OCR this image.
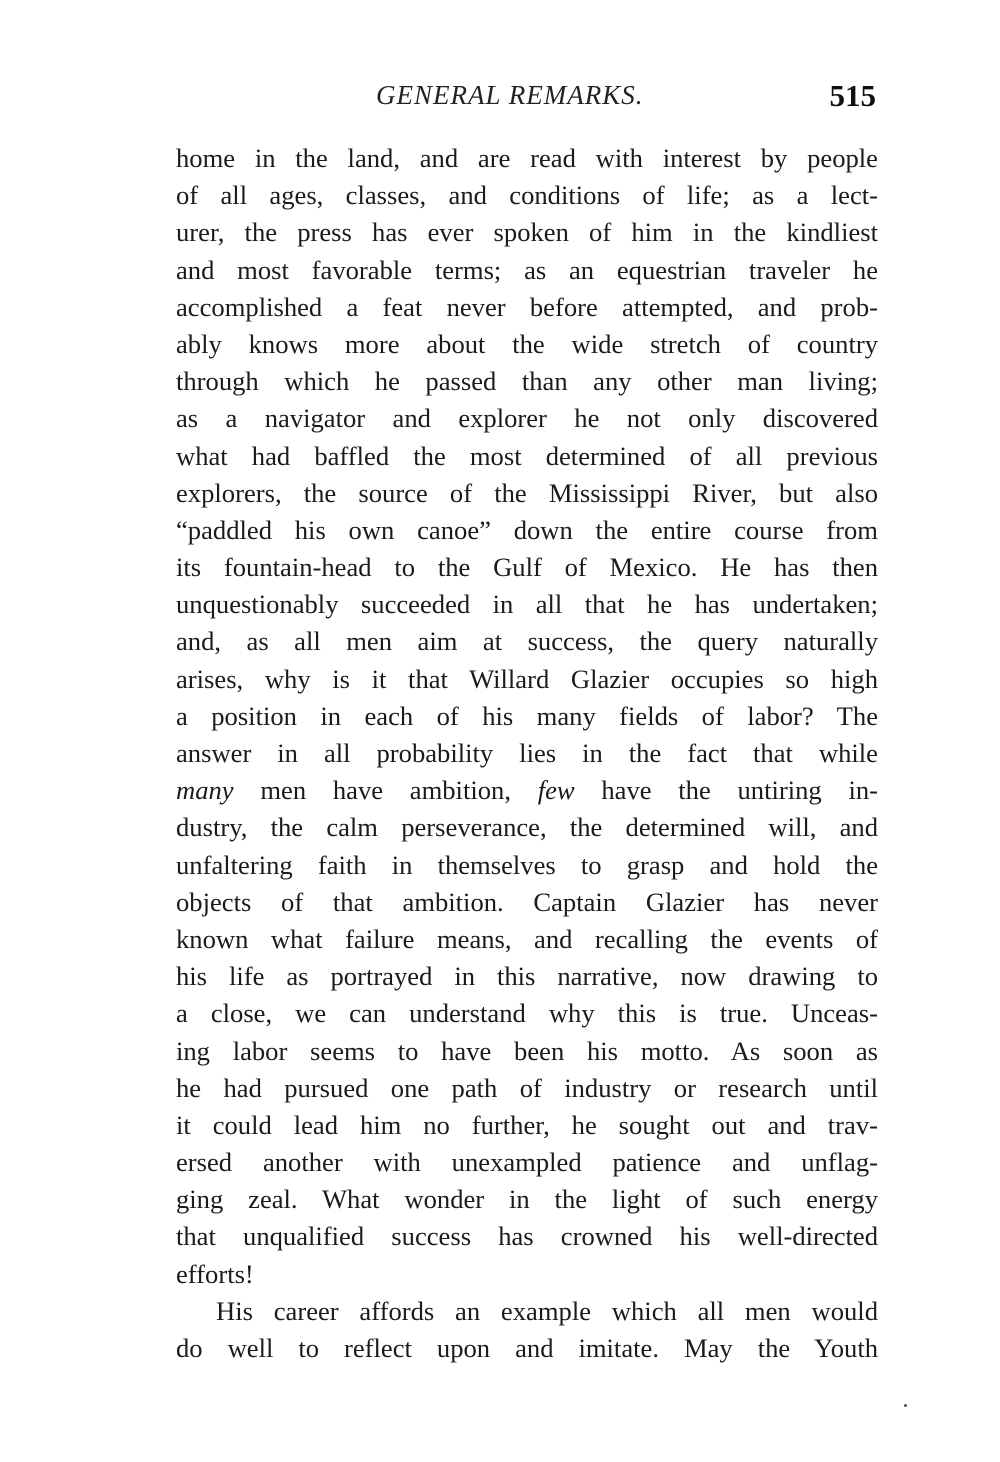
GENERAL REMARKS.	515
home in the land, and are read with interest by people
of all ages, classes, and conditions of life; as a lect-
urer, the press has ever spoken of him in the kindliest
and most favorable terms; as an equestrian traveler he
accomplished a feat never before attempted, and prob-
ably knows more about the wide stretch of country
through which he passed than any other man living;
as a navigator and explorer he not only discovered
what had baffled the most determined of all previous
explorers, the source of the Mississippi River, but also
“paddled his own canoe” down the entire course from
its fountain-head to the Gulf of Mexico. He has then
unquestionably succeeded in all that he has undertaken;
and, as all men aim at success, the query naturally
arises, why is it that Willard Glazier occupies so high
a position in each of his many fields of labor? The
answer in all probability lies in the fact that while
many men have ambition, few have the untiring in-
dustry, the calm perseverance, the determined will, and
unfaltering faith in themselves to grasp and hold the
objects of that ambition. Captain Glazier has never
known what failure means, and recalling the events of
his life as portrayed in this narrative, now drawing to
a close, we can understand why this is true. Unceas-
ing labor seems to have been his motto. As soon as
he had pursued one path of industry or research until
it could lead him no further, he sought out and trav-
ersed another with unexampled patience and unflag-
ging zeal. What wonder in the light of such energy
that unqualified success has crowned his well-directed
efforts!
His career affords an example which all men would
do well to reflect upon and imitate. May the Youth
